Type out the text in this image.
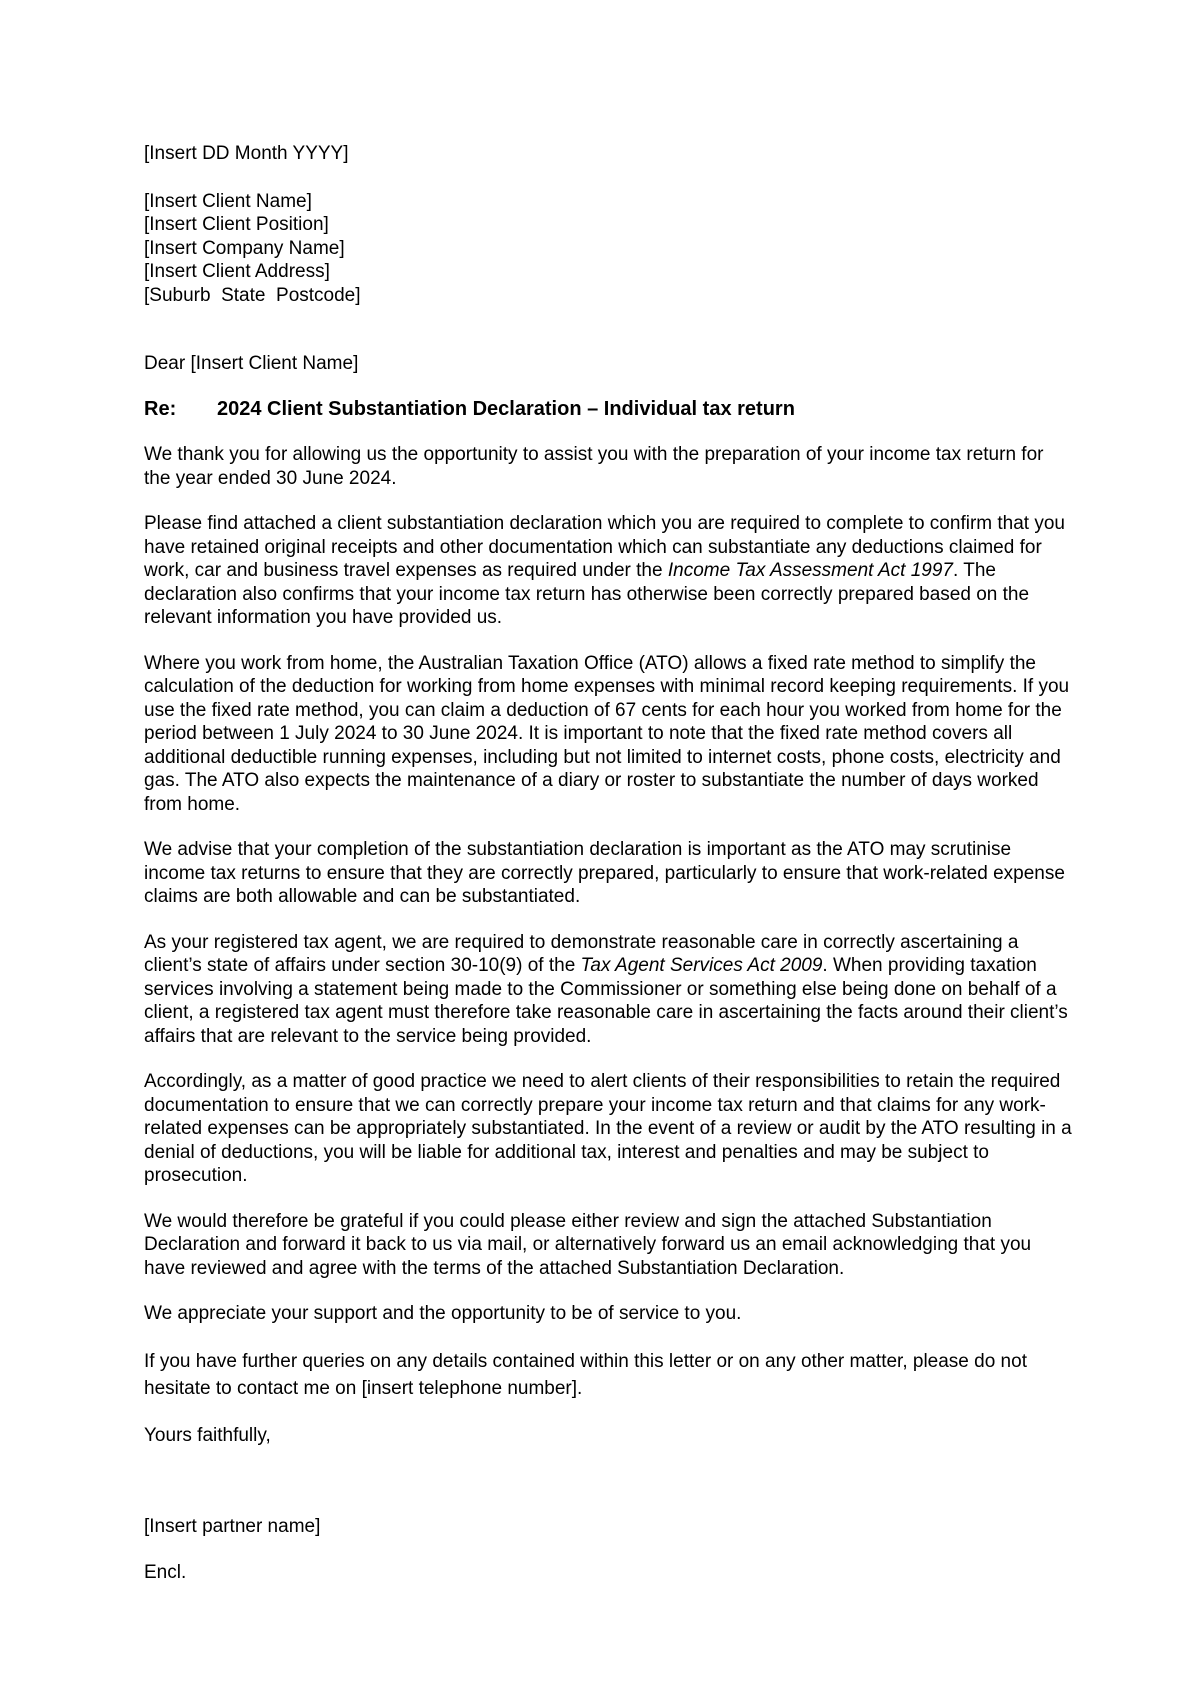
[Insert DD Month YYYY]
[Insert Client Name]
[Insert Client Position]
[Insert Company Name]
[Insert Client Address]
[Suburb  State  Postcode]
Dear [Insert Client Name]
Re:	2024 Client Substantiation Declaration – Individual tax return

We thank you for allowing us the opportunity to assist you with the preparation of your income tax return for the year ended 30 June 2024.

Please find attached a client substantiation declaration which you are required to complete to confirm that you have retained original receipts and other documentation which can substantiate any deductions claimed for work, car and business travel expenses as required under the Income Tax Assessment Act 1997. The declaration also confirms that your income tax return has otherwise been correctly prepared based on the relevant information you have provided us.

Where you work from home, the Australian Taxation Office (ATO) allows a fixed rate method to simplify the calculation of the deduction for working from home expenses with minimal record keeping requirements. If you use the fixed rate method, you can claim a deduction of 67 cents for each hour you worked from home for the period between 1 July 2024 to 30 June 2024. It is important to note that the fixed rate method covers all additional deductible running expenses, including but not limited to internet costs, phone costs, electricity and gas. The ATO also expects the maintenance of a diary or roster to substantiate the number of days worked from home.

We advise that your completion of the substantiation declaration is important as the ATO may scrutinise income tax returns to ensure that they are correctly prepared, particularly to ensure that work-related expense claims are both allowable and can be substantiated.

As your registered tax agent, we are required to demonstrate reasonable care in correctly ascertaining a client’s state of affairs under section 30-10(9) of the Tax Agent Services Act 2009. When providing taxation services involving a statement being made to the Commissioner or something else being done on behalf of a client, a registered tax agent must therefore take reasonable care in ascertaining the facts around their client’s affairs that are relevant to the service being provided.

Accordingly, as a matter of good practice we need to alert clients of their responsibilities to retain the required documentation to ensure that we can correctly prepare your income tax return and that claims for any work-related expenses can be appropriately substantiated. In the event of a review or audit by the ATO resulting in a denial of deductions, you will be liable for additional tax, interest and penalties and may be subject to prosecution.

We would therefore be grateful if you could please either review and sign the attached Substantiation Declaration and forward it back to us via mail, or alternatively forward us an email acknowledging that you have reviewed and agree with the terms of the attached Substantiation Declaration.

We appreciate your support and the opportunity to be of service to you.

If you have further queries on any details contained within this letter or on any other matter, please do not hesitate to contact me on [insert telephone number].

Yours faithfully,
[Insert partner name]
Encl.
